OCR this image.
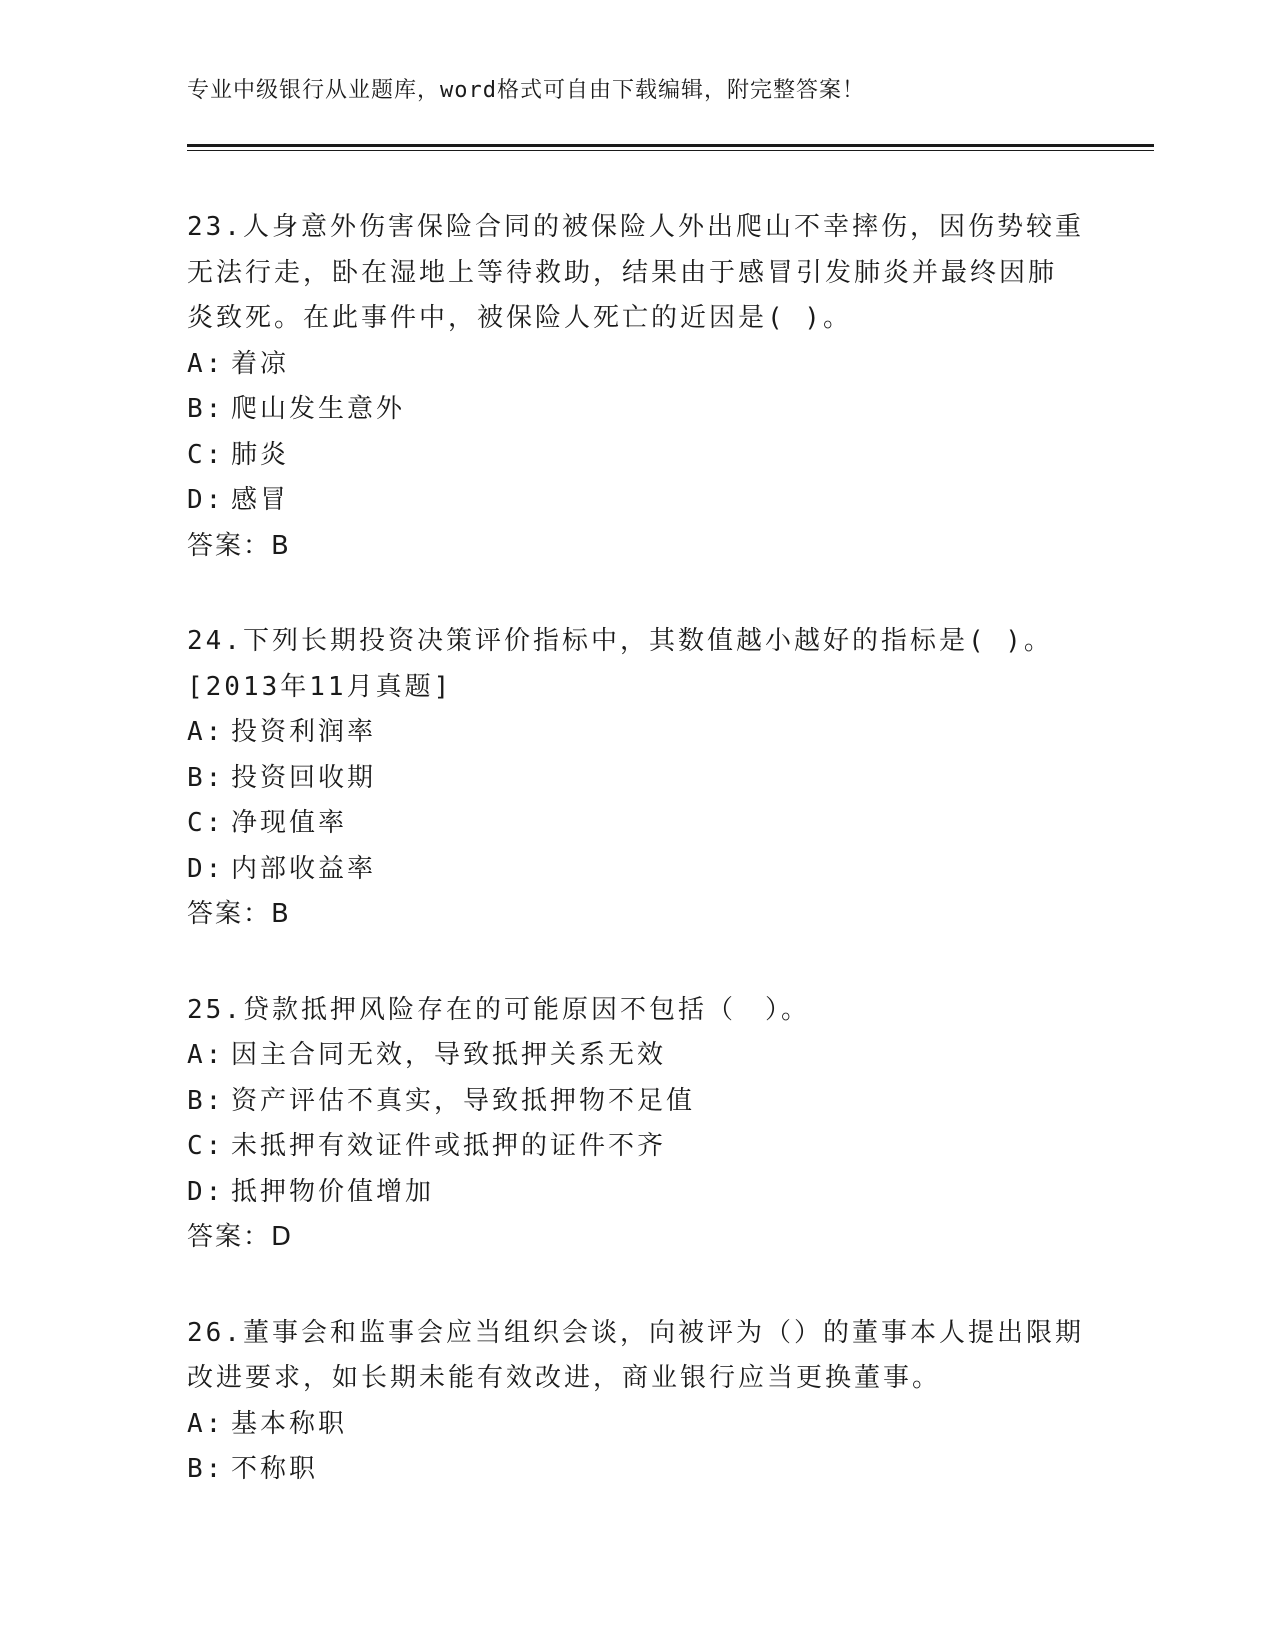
专业中级银行从业题库，word格式可自由下载编辑，附完整答案！

23.人身意外伤害保险合同的被保险人外出爬山不幸摔伤，因伤势较重

无法行走，卧在湿地上等待救助，结果由于感冒引发肺炎并最终因肺

炎致死。在此事件中，被保险人死亡的近因是( )。

A: 着凉

B: 爬山发生意外

C: 肺炎

D: 感冒

答案：B

24.下列长期投资决策评价指标中，其数值越小越好的指标是( )。

[2013年11月真题]

A: 投资利润率

B: 投资回收期

C: 净现值率

D: 内部收益率

答案：B

25.贷款抵押风险存在的可能原因不包括（　）。

A: 因主合同无效，导致抵押关系无效

B: 资产评估不真实，导致抵押物不足值

C: 未抵押有效证件或抵押的证件不齐

D: 抵押物价值增加

答案：D

26.董事会和监事会应当组织会谈，向被评为（）的董事本人提出限期

改进要求，如长期未能有效改进，商业银行应当更换董事。

A: 基本称职

B: 不称职
